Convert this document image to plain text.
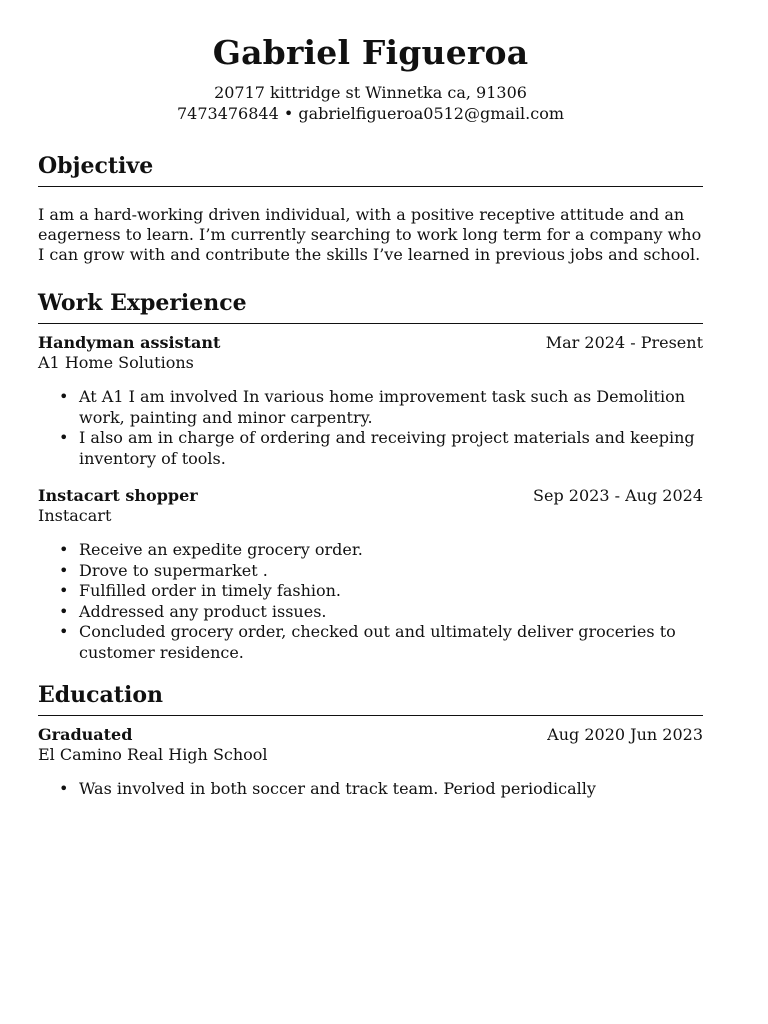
Gabriel Figueroa
20717 kittridge st Winnetka ca, 91306
7473476844 • gabrielfigueroa0512@gmail.com
Objective

I am a hard-working driven individual, with a positive receptive attitude and an eagerness to learn. I’m currently searching to work long term for a company who I can grow with and contribute the skills I’ve learned in previous jobs and school.

Work Experience
Handyman assistant	Mar 2024 - Present
A1 Home Solutions
• At A1 I am involved In various home improvement task such as Demolition work, painting and minor carpentry.
• I also am in charge of ordering and receiving project materials and keeping inventory of tools.
Instacart shopper	Sep 2023 - Aug 2024
Instacart
• Receive an expedite grocery order.
• Drove to supermarket .
• Fulfilled order in timely fashion.
• Addressed any product issues.
• Concluded grocery order, checked out and ultimately deliver groceries to customer residence.
Education
Graduated	Aug 2020 Jun 2023
El Camino Real High School
• Was involved in both soccer and track team. Period periodically
